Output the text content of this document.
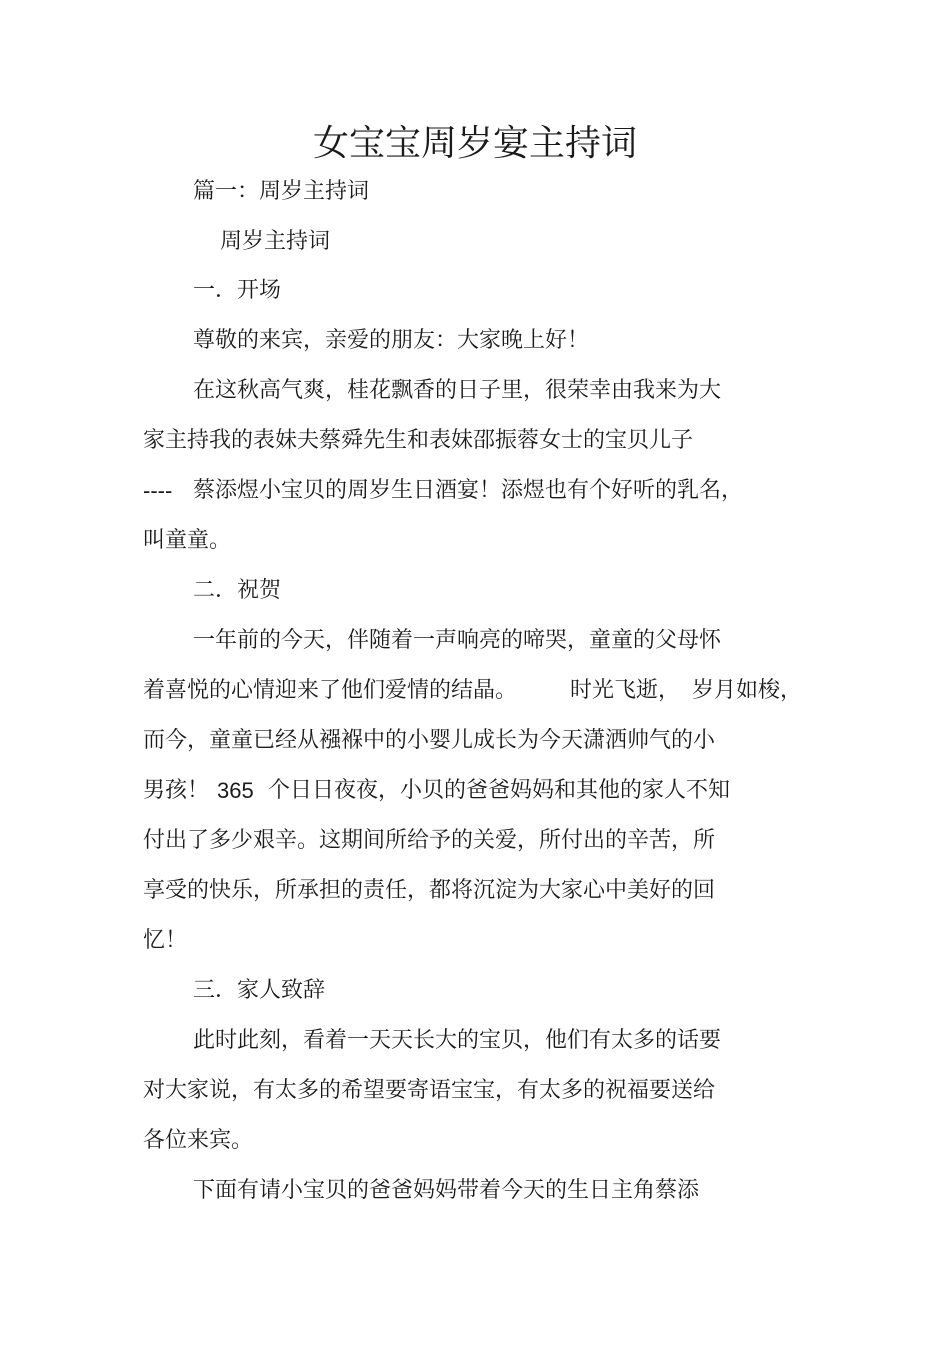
女宝宝周岁宴主持词
篇一：周岁主持词
周岁主持词
一．开场
尊敬的来宾，亲爱的朋友：大家晚上好！
在这秋高气爽，桂花飘香的日子里，很荣幸由我来为大
家主持我的表妹夫蔡舜先生和表妹邵振蓉女士的宝贝儿子
---- 蔡添煜小宝贝的周岁生日酒宴！添煜也有个好听的乳名，
叫童童。
二．祝贺
一年前的今天，伴随着一声响亮的啼哭，童童的父母怀
着喜悦的心情迎来了他们爱情的结晶。 时光飞逝， 岁月如梭，
而今，童童已经从襁褓中的小婴儿成长为今天潇洒帅气的小
男孩！ 365 个日日夜夜，小贝的爸爸妈妈和其他的家人不知
付出了多少艰辛。这期间所给予的关爱，所付出的辛苦，所
享受的快乐，所承担的责任，都将沉淀为大家心中美好的回
忆！
三．家人致辞
此时此刻，看着一天天长大的宝贝，他们有太多的话要
对大家说，有太多的希望要寄语宝宝，有太多的祝福要送给
各位来宾。
下面有请小宝贝的爸爸妈妈带着今天的生日主角蔡添
